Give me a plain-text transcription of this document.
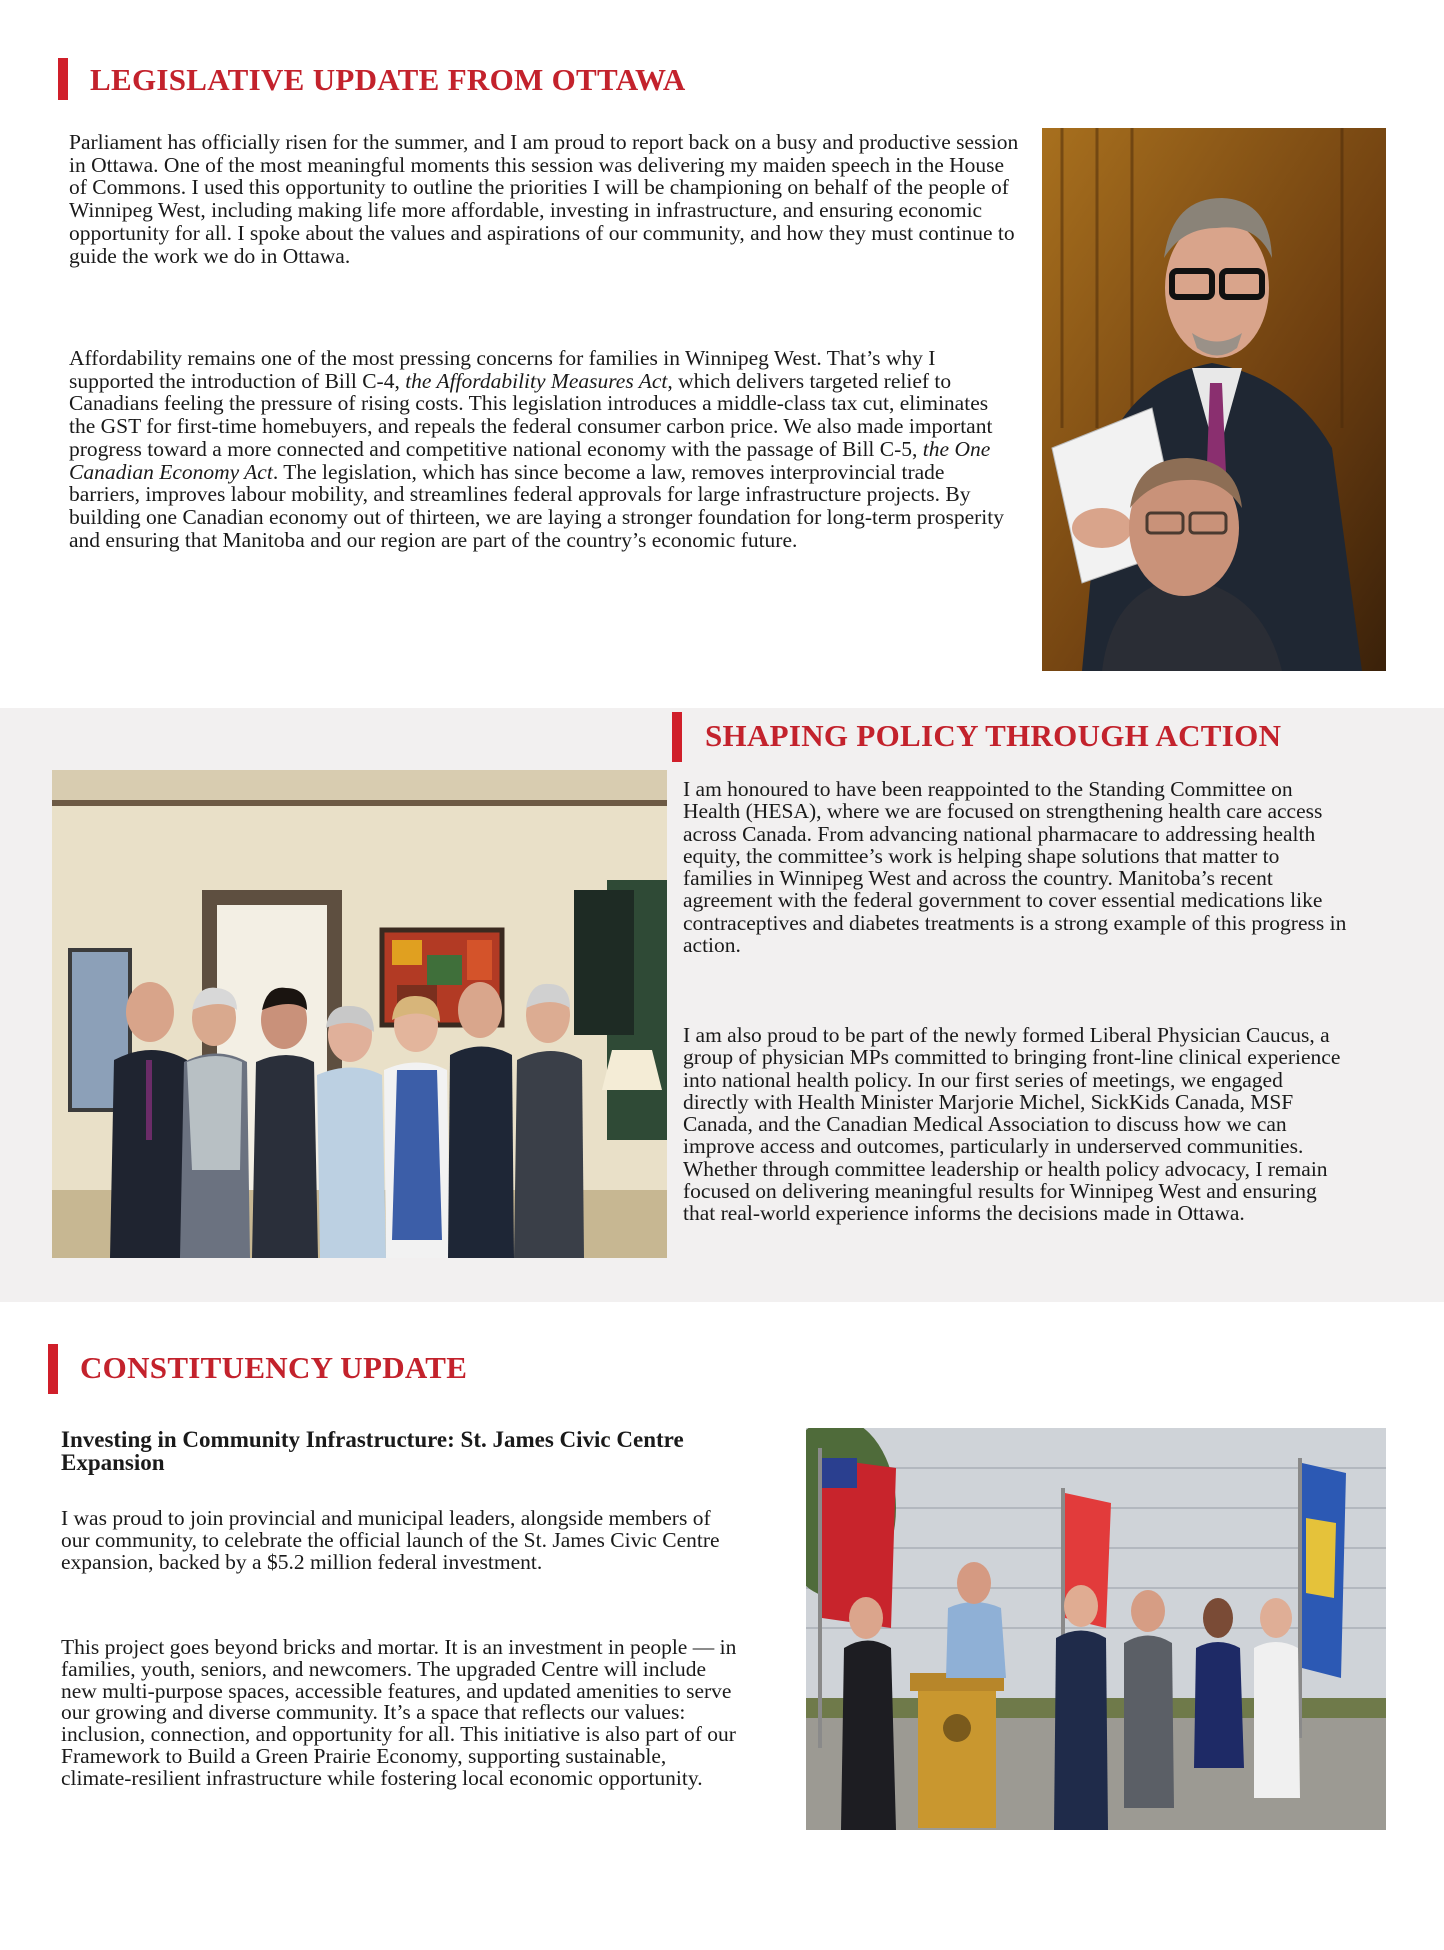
LEGISLATIVE UPDATE FROM OTTAWA

Parliament has officially risen for the summer, and I am proud to report back on a busy and productive session in Ottawa. One of the most meaningful moments this session was delivering my maiden speech in the House of Commons. I used this opportunity to outline the priorities I will be championing on behalf of the people of Winnipeg West, including making life more affordable, investing in infrastructure, and ensuring economic opportunity for all. I spoke about the values and aspirations of our community, and how they must continue to guide the work we do in Ottawa.

Affordability remains one of the most pressing concerns for families in Winnipeg West. That’s why I supported the introduction of Bill C-4, the Affordability Measures Act, which delivers targeted relief to Canadians feeling the pressure of rising costs. This legislation introduces a middle-class tax cut, eliminates the GST for first-time homebuyers, and repeals the federal consumer carbon price. We also made important progress toward a more connected and competitive national economy with the passage of Bill C-5, the One Canadian Economy Act. The legislation, which has since become a law, removes interprovincial trade barriers, improves labour mobility, and streamlines federal approvals for large infrastructure projects. By building one Canadian economy out of thirteen, we are laying a stronger foundation for long-term prosperity and ensuring that Manitoba and our region are part of the country’s economic future.

SHAPING POLICY THROUGH ACTION

I am honoured to have been reappointed to the Standing Committee on Health (HESA), where we are focused on strengthening health care access across Canada. From advancing national pharmacare to addressing health equity, the committee’s work is helping shape solutions that matter to families in Winnipeg West and across the country. Manitoba’s recent agreement with the federal government to cover essential medications like contraceptives and diabetes treatments is a strong example of this progress in action.

I am also proud to be part of the newly formed Liberal Physician Caucus, a group of physician MPs committed to bringing front-line clinical experience into national health policy. In our first series of meetings, we engaged directly with Health Minister Marjorie Michel, SickKids Canada, MSF Canada, and the Canadian Medical Association to discuss how we can improve access and outcomes, particularly in underserved communities. Whether through committee leadership or health policy advocacy, I remain focused on delivering meaningful results for Winnipeg West and ensuring that real-world experience informs the decisions made in Ottawa.

CONSTITUENCY UPDATE

Investing in Community Infrastructure: St. James Civic Centre Expansion

I was proud to join provincial and municipal leaders, alongside members of our community, to celebrate the official launch of the St. James Civic Centre expansion, backed by a $5.2 million federal investment.

This project goes beyond bricks and mortar. It is an investment in people — in families, youth, seniors, and newcomers. The upgraded Centre will include new multi-purpose spaces, accessible features, and updated amenities to serve our growing and diverse community. It’s a space that reflects our values: inclusion, connection, and opportunity for all. This initiative is also part of our Framework to Build a Green Prairie Economy, supporting sustainable, climate-resilient infrastructure while fostering local economic opportunity.
